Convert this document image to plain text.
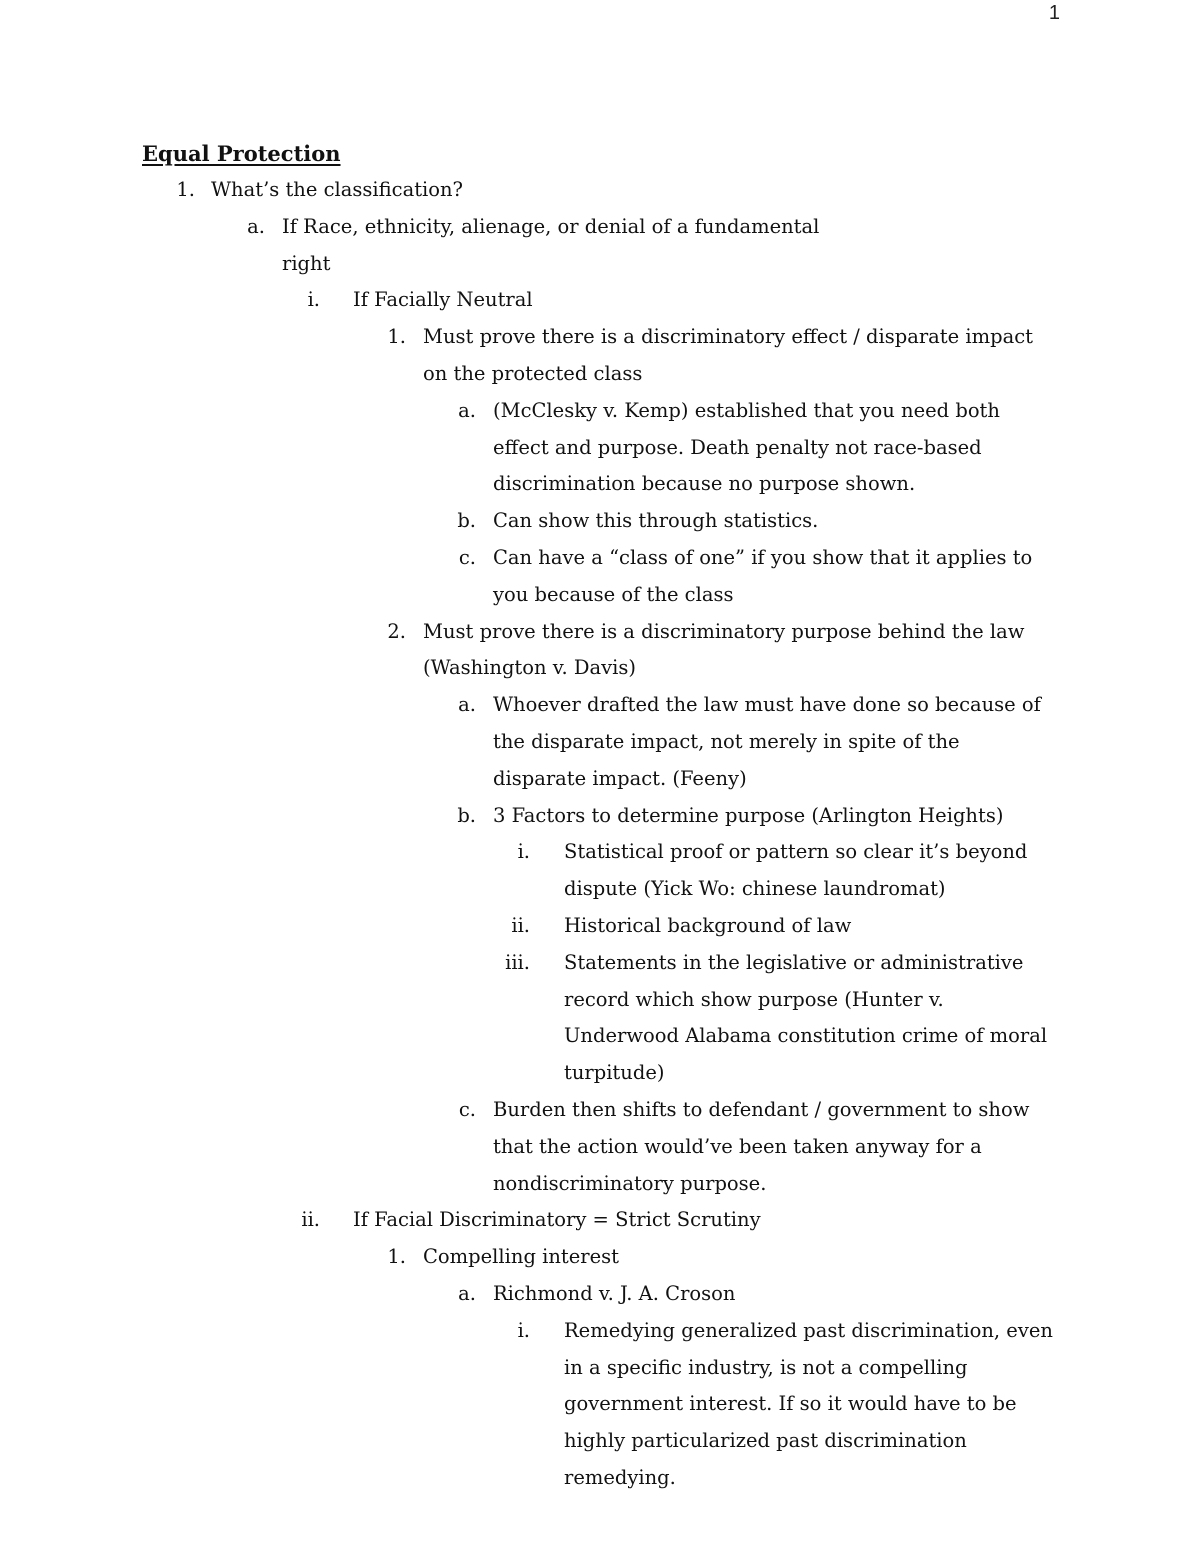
1
Equal Protection
1. What’s the classification?
a. If Race, ethnicity, alienage, or denial of a fundamental right
i. If Facially Neutral
1. Must prove there is a discriminatory effect / disparate impact on the protected class
a. (McClesky v. Kemp) established that you need both effect and purpose. Death penalty not race-based discrimination because no purpose shown.
b. Can show this through statistics.
c. Can have a “class of one” if you show that it applies to you because of the class
2. Must prove there is a discriminatory purpose behind the law (Washington v. Davis)
a. Whoever drafted the law must have done so because of the disparate impact, not merely in spite of the disparate impact. (Feeny)
b. 3 Factors to determine purpose (Arlington Heights)
i. Statistical proof or pattern so clear it’s beyond dispute (Yick Wo: chinese laundromat)
ii. Historical background of law
iii. Statements in the legislative or administrative record which show purpose (Hunter v. Underwood Alabama constitution crime of moral turpitude)
c. Burden then shifts to defendant / government to show that the action would’ve been taken anyway for a nondiscriminatory purpose.
ii. If Facial Discriminatory = Strict Scrutiny
1. Compelling interest
a. Richmond v. J. A. Croson
i. Remedying generalized past discrimination, even in a specific industry, is not a compelling government interest. If so it would have to be highly particularized past discrimination remedying.
